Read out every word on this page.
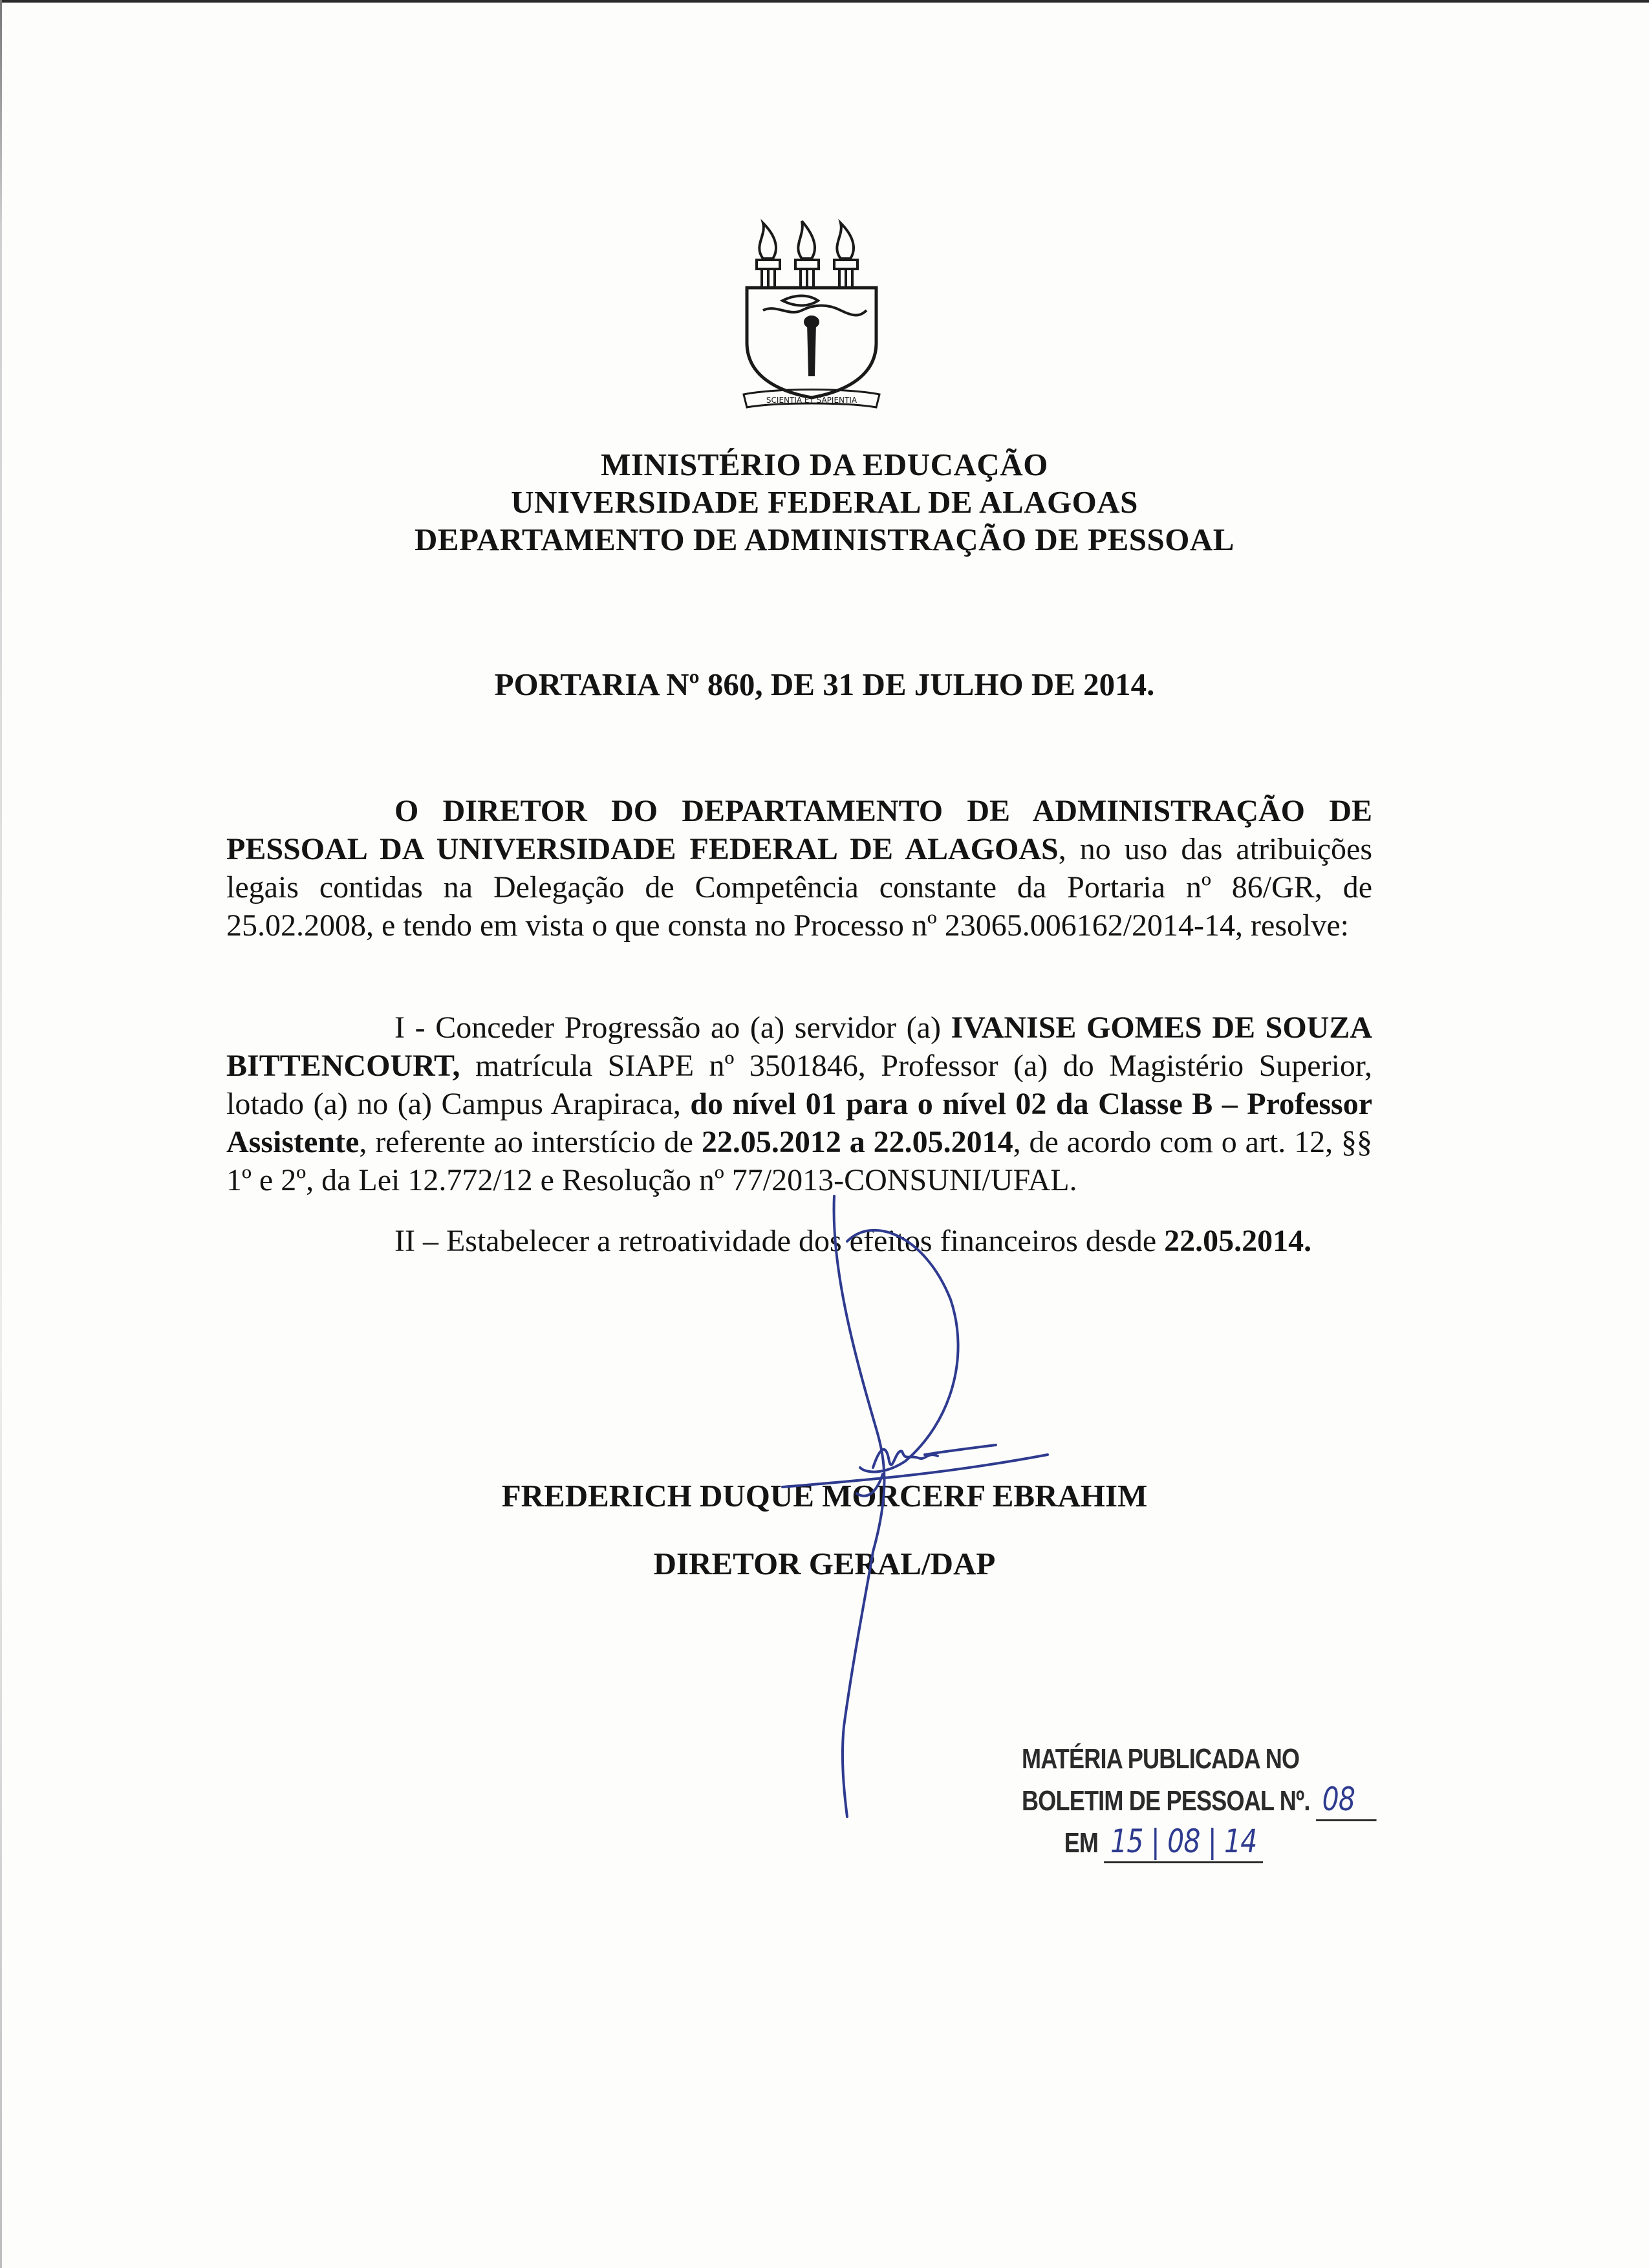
SCIENTIA ET SAPIENTIA
MINISTÉRIO DA EDUCAÇÃO
UNIVERSIDADE FEDERAL DE ALAGOAS
DEPARTAMENTO DE ADMINISTRAÇÃO DE PESSOAL
PORTARIA Nº 860, DE 31 DE JULHO DE 2014.
O DIRETOR DO DEPARTAMENTO DE ADMINISTRAÇÃO DE PESSOAL DA UNIVERSIDADE FEDERAL DE ALAGOAS, no uso das atribuições legais contidas na Delegação de Competência constante da Portaria nº 86/GR, de 25.02.2008, e tendo em vista o que consta no Processo nº 23065.006162/2014-14, resolve:
I - Conceder Progressão ao (a) servidor (a) IVANISE GOMES DE SOUZA BITTENCOURT, matrícula SIAPE nº 3501846, Professor (a) do Magistério Superior, lotado (a) no (a) Campus Arapiraca, do nível 01 para o nível 02 da Classe B – Professor Assistente, referente ao interstício de 22.05.2012 a 22.05.2014, de acordo com o art. 12, §§ 1º e 2º, da Lei 12.772/12 e Resolução nº 77/2013-CONSUNI/UFAL.
II – Estabelecer a retroatividade dos efeitos financeiros desde 22.05.2014.
FREDERICH DUQUE MORCERF EBRAHIM
DIRETOR GERAL/DAP
MATÉRIA PUBLICADA NO
BOLETIM DE PESSOAL Nº. 08
EM 15 | 08 | 14
